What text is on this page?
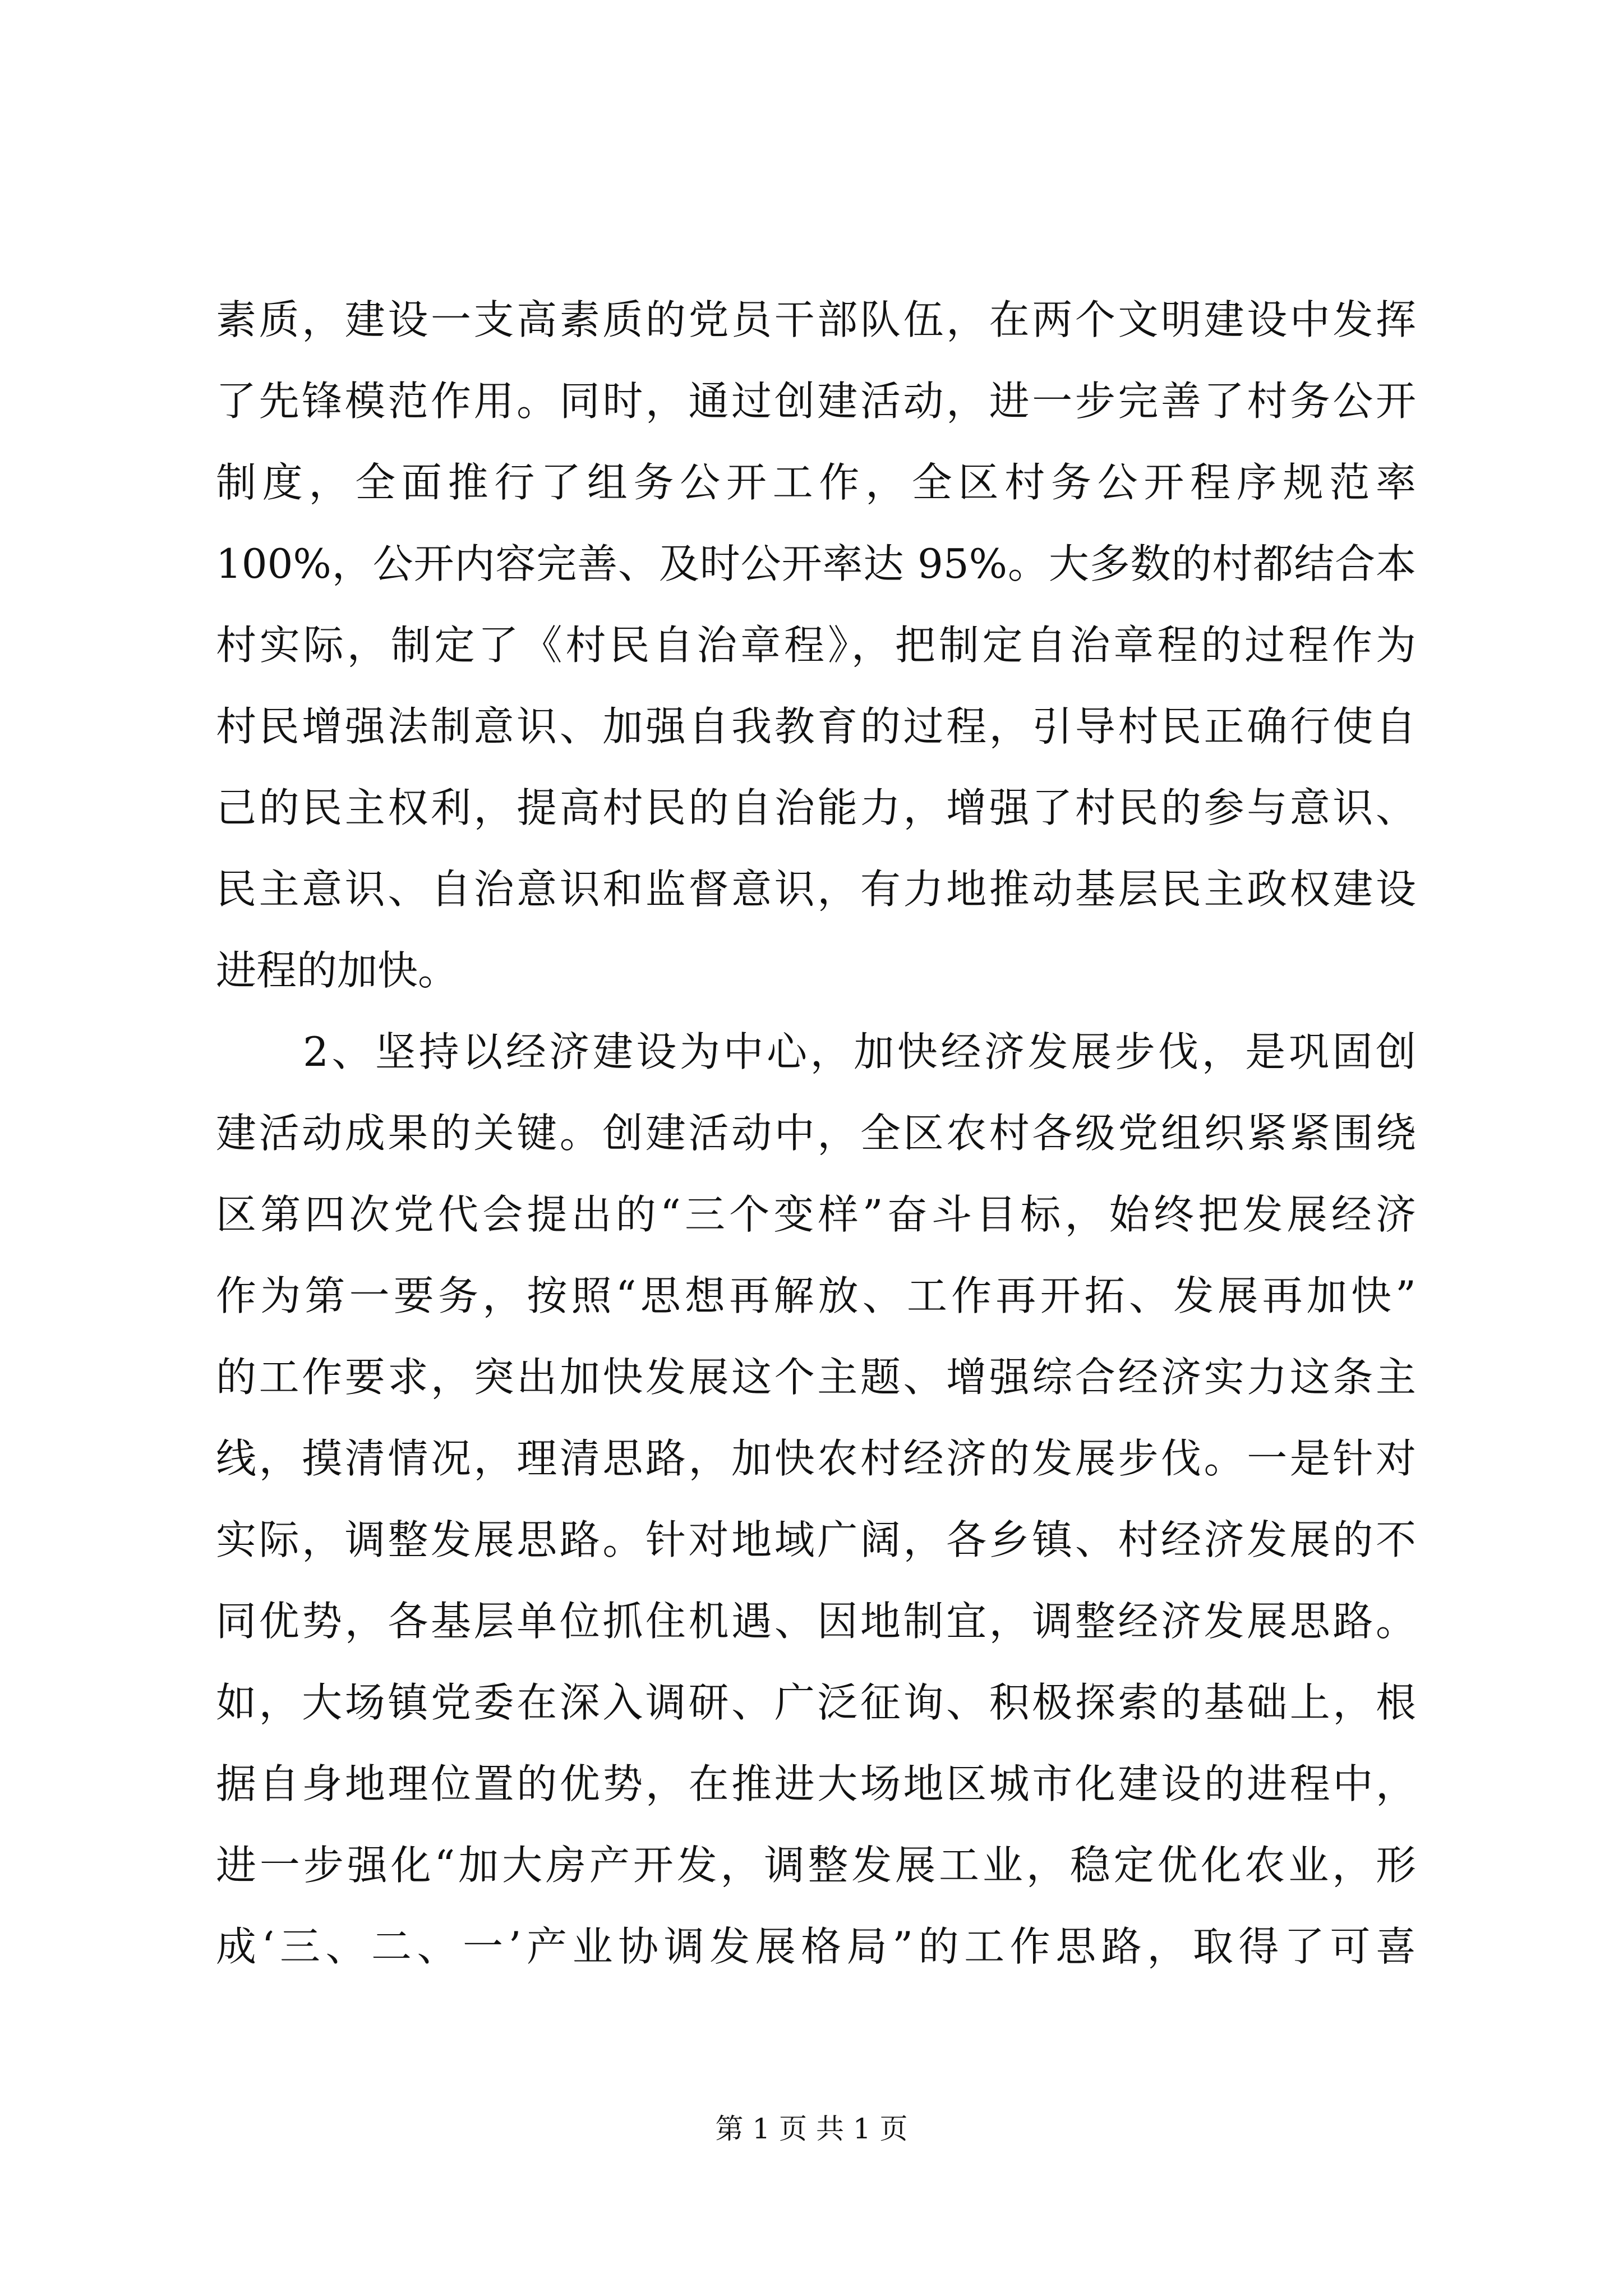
素质，建设一支高素质的党员干部队伍，在两个文明建设中发挥
了先锋模范作用。同时，通过创建活动，进一步完善了村务公开
制度，全面推行了组务公开工作，全区村务公开程序规范率
100%，公开内容完善、及时公开率达 95%。大多数的村都结合本
村实际，制定了《村民自治章程》，把制定自治章程的过程作为
村民增强法制意识、加强自我教育的过程，引导村民正确行使自
己的民主权利，提高村民的自治能力，增强了村民的参与意识、
民主意识、自治意识和监督意识，有力地推动基层民主政权建设
进程的加快。
　　2、坚持以经济建设为中心，加快经济发展步伐，是巩固创
建活动成果的关键。创建活动中，全区农村各级党组织紧紧围绕
区第四次党代会提出的“三个变样”奋斗目标，始终把发展经济
作为第一要务，按照“思想再解放、工作再开拓、发展再加快”
的工作要求，突出加快发展这个主题、增强综合经济实力这条主
线，摸清情况，理清思路，加快农村经济的发展步伐。一是针对
实际，调整发展思路。针对地域广阔，各乡镇、村经济发展的不
同优势，各基层单位抓住机遇、因地制宜，调整经济发展思路。
如，大场镇党委在深入调研、广泛征询、积极探索的基础上，根
据自身地理位置的优势，在推进大场地区城市化建设的进程中，
进一步强化“加大房产开发，调整发展工业，稳定优化农业，形
成‘三、二、一’产业协调发展格局”的工作思路，取得了可喜
第 1 页 共 1 页
